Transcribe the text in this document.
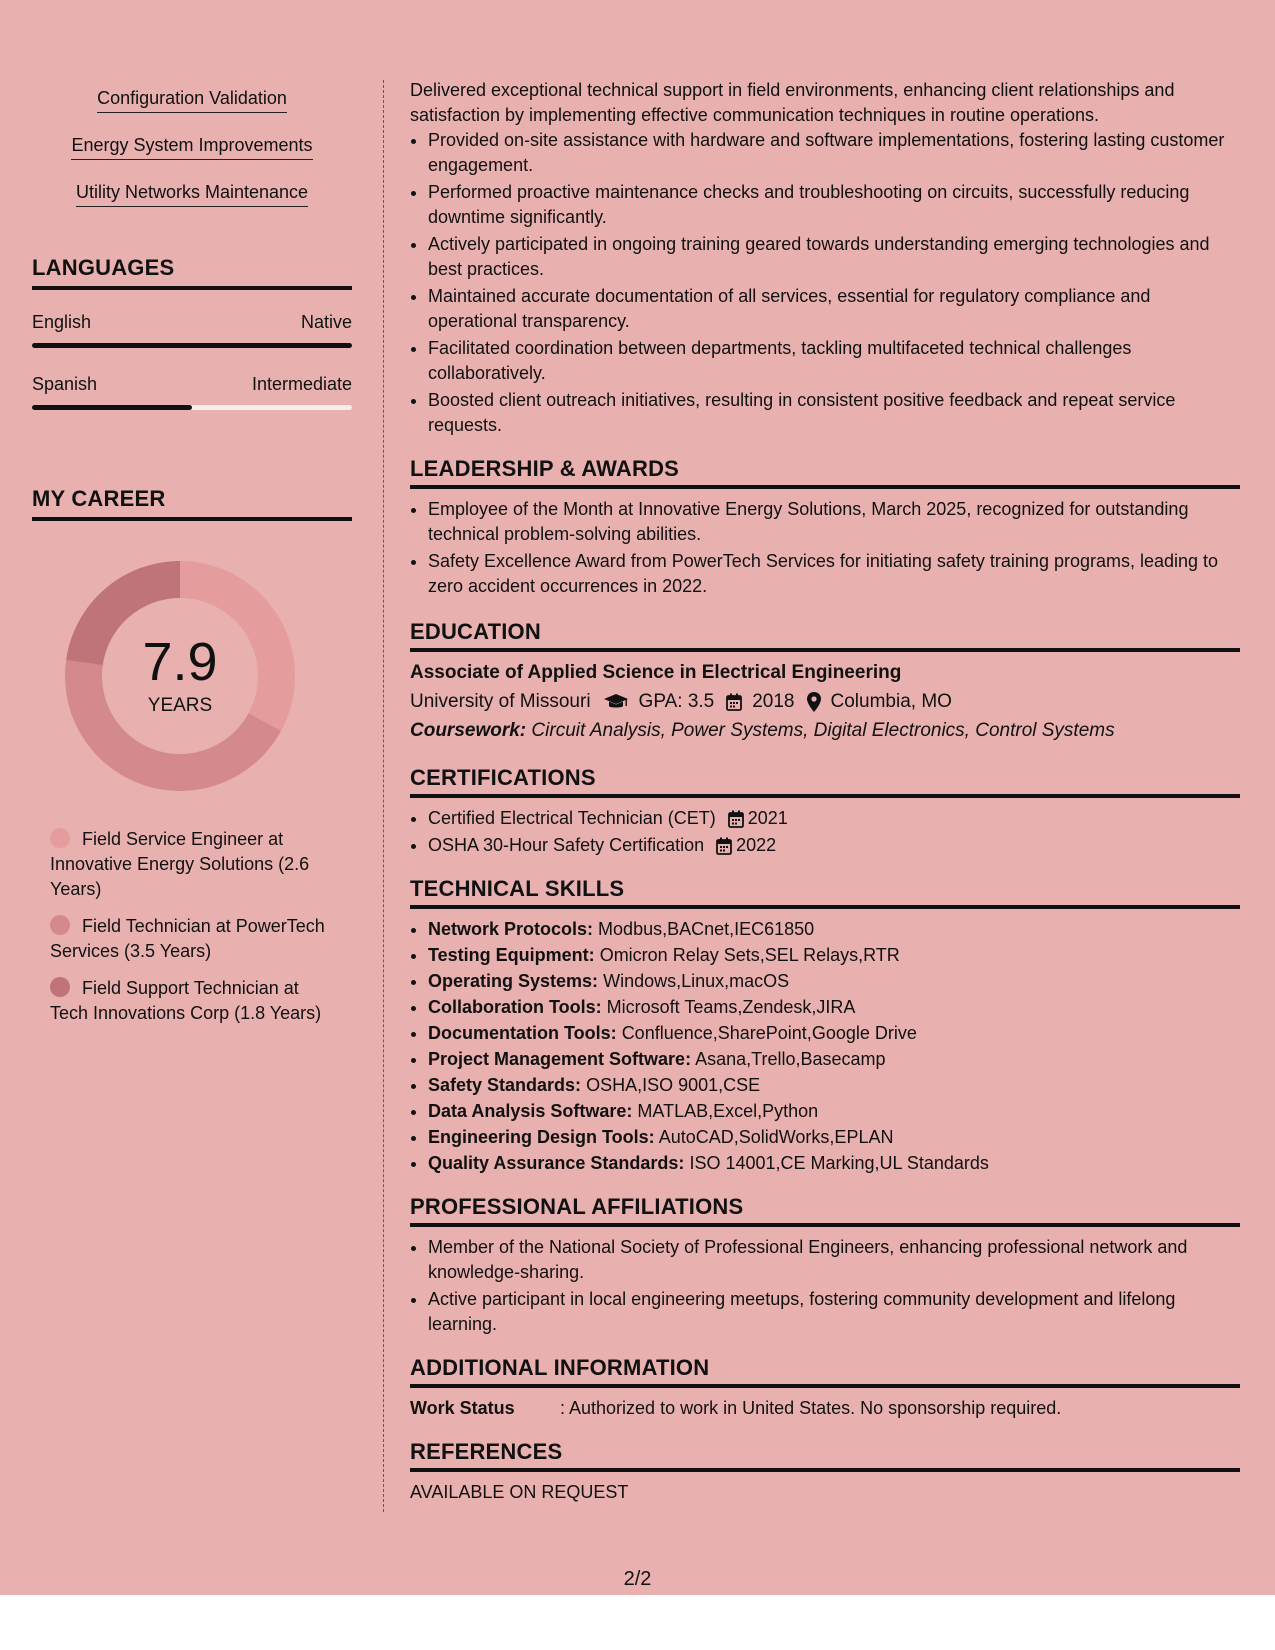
Configuration Validation
Energy System Improvements
Utility Networks Maintenance
LANGUAGES
English	Native
Spanish	Intermediate
MY CAREER
7.9
YEARS
Field Service Engineer at Innovative Energy Solutions (2.6 Years)
Field Technician at PowerTech Services (3.5 Years)
Field Support Technician at Tech Innovations Corp (1.8 Years)

Delivered exceptional technical support in field environments, enhancing client relationships and satisfaction by implementing effective communication techniques in routine operations.

• Provided on-site assistance with hardware and software implementations, fostering lasting customer engagement.
• Performed proactive maintenance checks and troubleshooting on circuits, successfully reducing downtime significantly.
• Actively participated in ongoing training geared towards understanding emerging technologies and best practices.
• Maintained accurate documentation of all services, essential for regulatory compliance and operational transparency.
• Facilitated coordination between departments, tackling multifaceted technical challenges collaboratively.
• Boosted client outreach initiatives, resulting in consistent positive feedback and repeat service requests.
LEADERSHIP & AWARDS
• Employee of the Month at Innovative Energy Solutions, March 2025, recognized for outstanding technical problem-solving abilities.
• Safety Excellence Award from PowerTech Services for initiating safety training programs, leading to zero accident occurrences in 2022.
EDUCATION
Associate of Applied Science in Electrical Engineering
University of Missouri	GPA: 3.5 2018 Columbia, MO
Coursework: Circuit Analysis, Power Systems, Digital Electronics, Control Systems
CERTIFICATIONS
• Certified Electrical Technician (CET) 2021
• OSHA 30-Hour Safety Certification 2022
TECHNICAL SKILLS
• Network Protocols: Modbus,BACnet,IEC61850
• Testing Equipment: Omicron Relay Sets,SEL Relays,RTR
• Operating Systems: Windows,Linux,macOS
• Collaboration Tools: Microsoft Teams,Zendesk,JIRA
• Documentation Tools: Confluence,SharePoint,Google Drive
• Project Management Software: Asana,Trello,Basecamp
• Safety Standards: OSHA,ISO 9001,CSE
• Data Analysis Software: MATLAB,Excel,Python
• Engineering Design Tools: AutoCAD,SolidWorks,EPLAN
• Quality Assurance Standards: ISO 14001,CE Marking,UL Standards
PROFESSIONAL AFFILIATIONS
• Member of the National Society of Professional Engineers, enhancing professional network and knowledge-sharing.
• Active participant in local engineering meetups, fostering community development and lifelong learning.
ADDITIONAL INFORMATION
Work Status	: Authorized to work in United States. No sponsorship required.
REFERENCES
AVAILABLE ON REQUEST
2/2
